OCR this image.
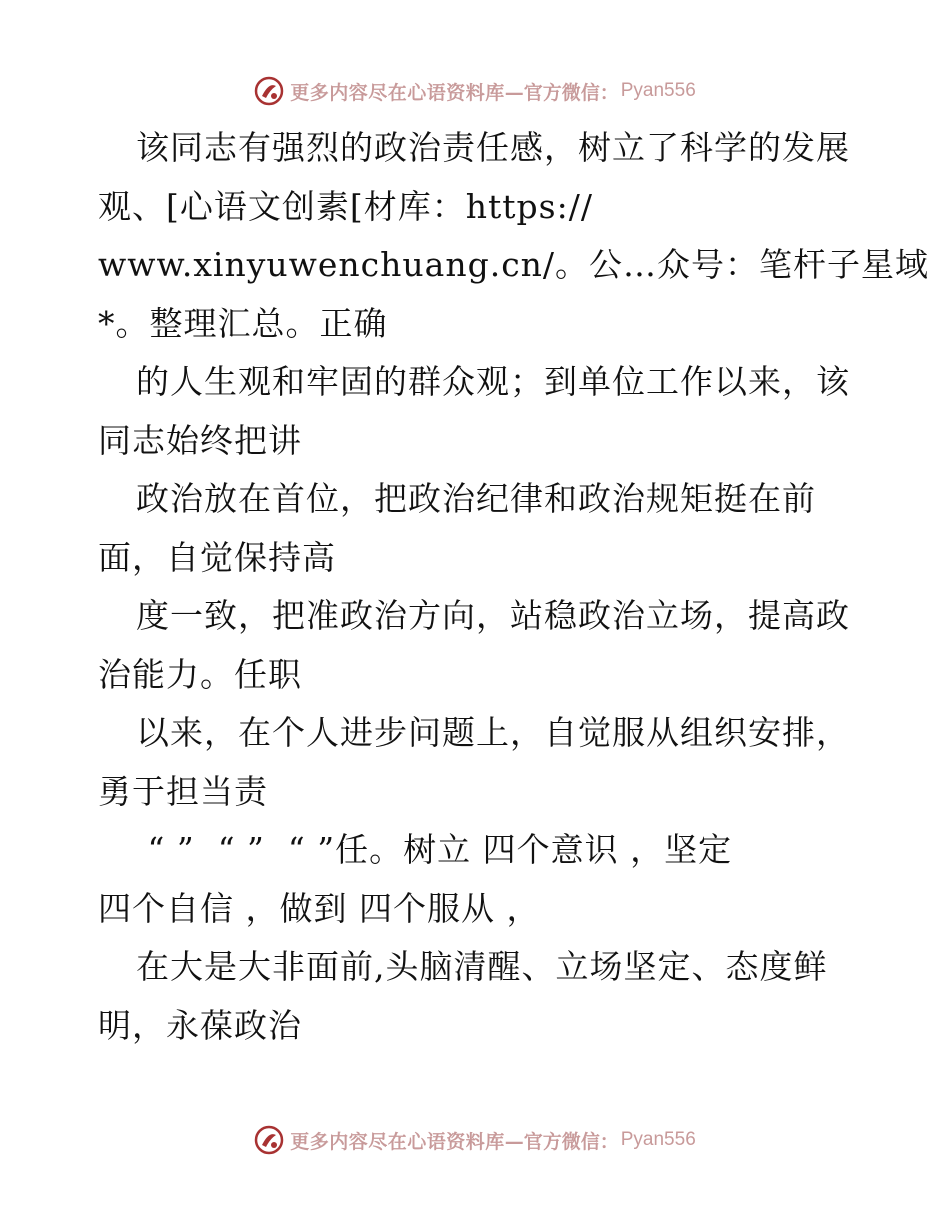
更多内容尽在心语资料库 —官方微信： Pyan556
该同志有强烈的政治责任感，树立了科学的发展
观、[心语文创素[材库：https://
www.xinyuwenchuang.cn/。公…众号：笔杆子星域
*。整理汇总。正确
的人生观和牢固的群众观；到单位工作以来，该
同志始终把讲
政治放在首位，把政治纪律和政治规矩挺在前
面，自觉保持高
度一致，把准政治方向，站稳政治立场，提高政
治能力。任职
以来，在个人进步问题上，自觉服从组织安排，
勇于担当责
“ ”  “ ”  “ ”任。树立 四个意识 ，坚定
四个自信 ，做到 四个服从 ，
在大是大非面前,头脑清醒、立场坚定、态度鲜
明，永葆政治
更多内容尽在心语资料库 —官方微信： Pyan556
